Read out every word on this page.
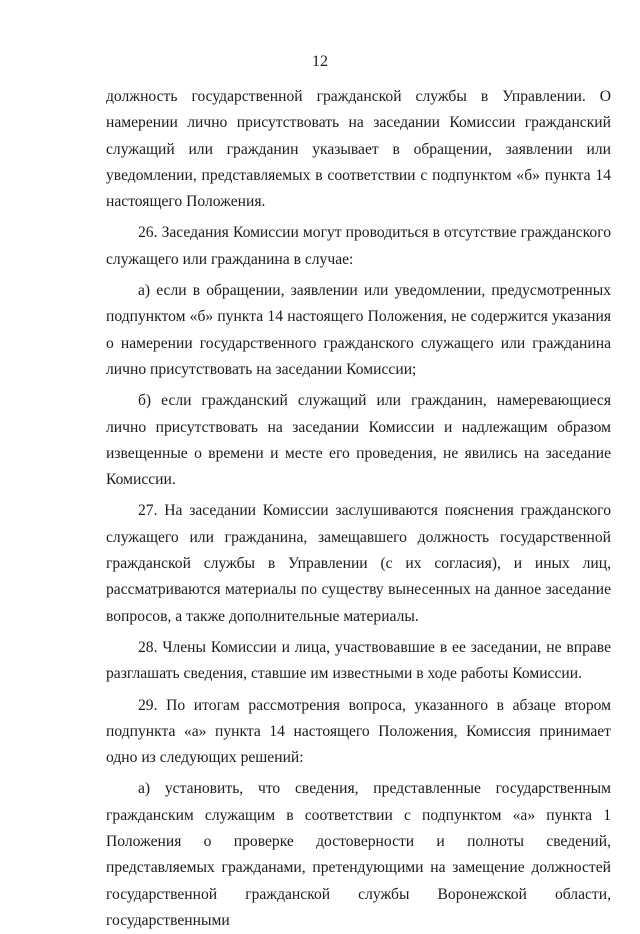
12

должность государственной гражданской службы в Управлении. О намерении лично присутствовать на заседании Комиссии гражданский служащий или гражданин указывает в обращении, заявлении или уведомлении, представляемых в соответствии с подпунктом «б» пункта 14 настоящего Положения.

26. Заседания Комиссии могут проводиться в отсутствие гражданского служащего или гражданина в случае:

а) если в обращении, заявлении или уведомлении, предусмотренных подпунктом «б» пункта 14 настоящего Положения, не содержится указания о намерении государственного гражданского служащего или гражданина лично присутствовать на заседании Комиссии;

б) если гражданский служащий или гражданин, намеревающиеся лично присутствовать на заседании Комиссии и надлежащим образом извещенные о времени и месте его проведения, не явились на заседание Комиссии.

27. На заседании Комиссии заслушиваются пояснения гражданского служащего или гражданина, замещавшего должность государственной гражданской службы в Управлении (с их согласия), и иных лиц, рассматриваются материалы по существу вынесенных на данное заседание вопросов, а также дополнительные материалы.

28. Члены Комиссии и лица, участвовавшие в ее заседании, не вправе разглашать сведения, ставшие им известными в ходе работы Комиссии.

29. По итогам рассмотрения вопроса, указанного в абзаце втором подпункта «а» пункта 14 настоящего Положения, Комиссия принимает одно из следующих решений:

а) установить, что сведения, представленные государственным гражданским служащим в соответствии с подпунктом «а» пункта 1 Положения о проверке достоверности и полноты сведений, представляемых гражданами, претендующими на замещение должностей государственной гражданской службы Воронежской области, государственными
